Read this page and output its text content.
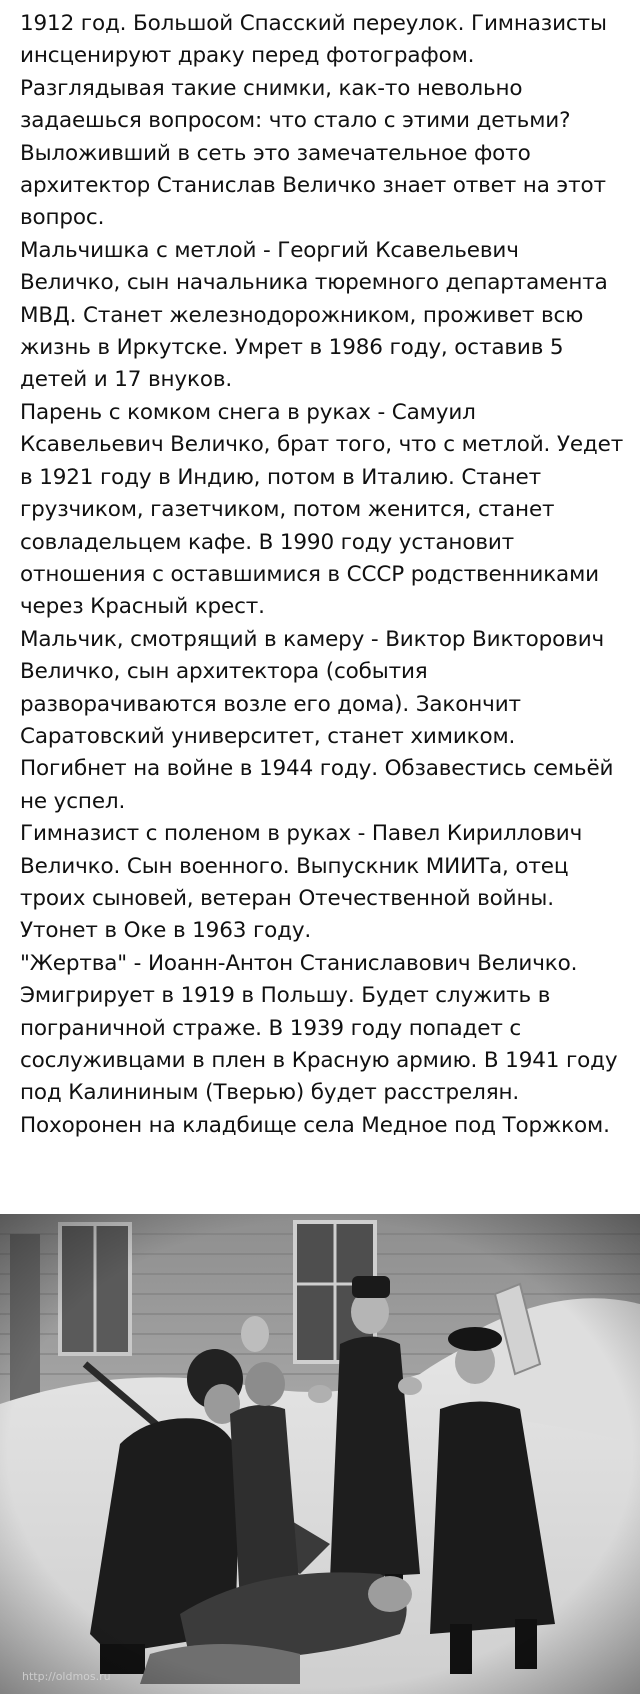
1912 год. Большой Спасский переулок. Гимназисты инсценируют драку перед фотографом. Разглядывая такие снимки, как-то невольно задаешься вопросом: что стало с этими детьми? Выложивший в сеть это замечательное фото архитектор Станислав Величко знает ответ на этот вопрос.

Мальчишка с метлой - Георгий Ксавельевич Величко, сын начальника тюремного департамента МВД. Станет железнодорожником, проживет всю жизнь в Иркутске. Умрет в 1986 году, оставив 5 детей и 17 внуков.

Парень с комком снега в руках - Самуил Ксавельевич Величко, брат того, что с метлой. Уедет в 1921 году в Индию, потом в Италию. Станет грузчиком, газетчиком, потом женится, станет совладельцем кафе. В 1990 году установит отношения с оставшимися в СССР родственниками через Красный крест.

Мальчик, смотрящий в камеру - Виктор Викторович Величко, сын архитектора (события разворачиваются возле его дома). Закончит Саратовский университет, станет химиком. Погибнет на войне в 1944 году. Обзавестись семьёй не успел.

Гимназист с поленом в руках - Павел Кириллович Величко. Сын военного. Выпускник МИИТа, отец троих сыновей, ветеран Отечественной войны. Утонет в Оке в 1963 году.

"Жертва" - Иоанн-Антон Станиславович Величко. Эмигрирует в 1919 в Польшу. Будет служить в пограничной страже. В 1939 году попадет с сослуживцами в плен в Красную армию. В 1941 году под Калининым (Тверью) будет расстрелян. Похоронен на кладбище села Медное под Торжком.

http://oldmos.ru
